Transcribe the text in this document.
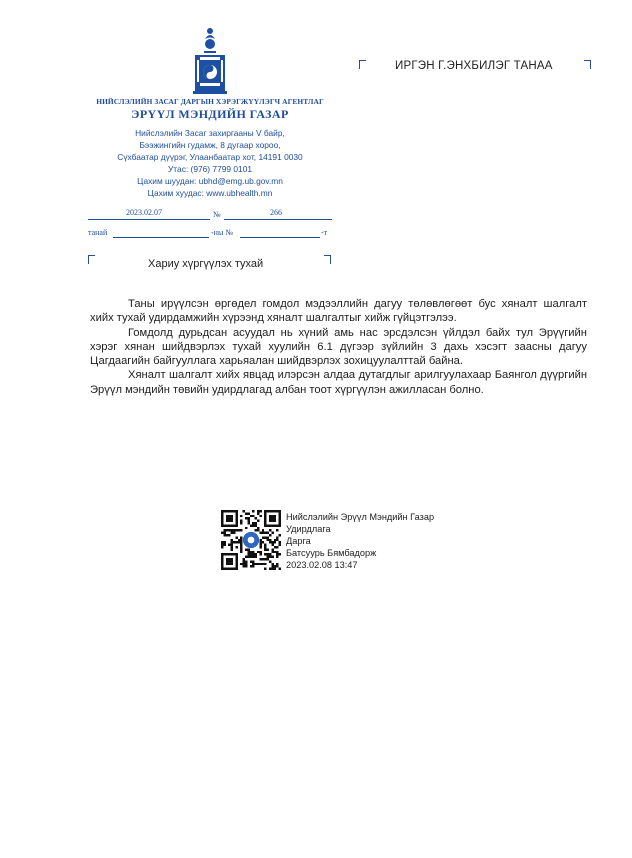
НИЙСЛЭЛИЙН ЗАСАГ ДАРГЫН ХЭРЭГЖҮҮЛЭГЧ АГЕНТЛАГ
ЭРҮҮЛ МЭНДИЙН ГАЗАР
Нийслэлийн Засаг захиргааны V байр,
Бээжингийн гудамж, 8 дугаар хороо,
Сүхбаатар дүүрэг, Улаанбаатар хот, 14191 0030
Утас: (976) 7799 0101
Цахим шуудан: ubhd@emg.ub.gov.mn
Цахим хуудас: www.ubhealth.mn
2023.02.07	№	266
танай	-ны №	-т
ИРГЭН Г.ЭНХБИЛЭГ ТАНАА
Хариу хүргүүлэх тухай

Таны ирүүлсэн өргөдел гомдол мэдээллийн дагуу төлөвлөгөөт бус хяналт шалгалт хийх тухай удирдамжийн хүрээнд хяналт шалгалтыг хийж гүйцэтгэлээ.

Гомдолд дурьдсан асуудал нь хүний амь нас эрсдэлсэн үйлдэл байх тул Эрүүгийн хэрэг хянан шийдвэрлэх тухай хуулийн 6.1 дүгээр зүйлийн 3 дахь хэсэгт заасны дагуу Цагдаагийн байгууллага харьяалан шийдвэрлэх зохицуулалттай байна.

Хяналт шалгалт хийх явцад илэрсэн алдаа дутагдлыг арилгуулахаар Баянгол дүүргийн Эрүүл мэндийн төвийн удирдлагад албан тоот хүргүүлэн ажилласан болно.

Нийслэлийн Эрүүл Мэндийн Газар
Удирдлага
Дарга
Батсуурь Бямбадорж
2023.02.08 13:47
